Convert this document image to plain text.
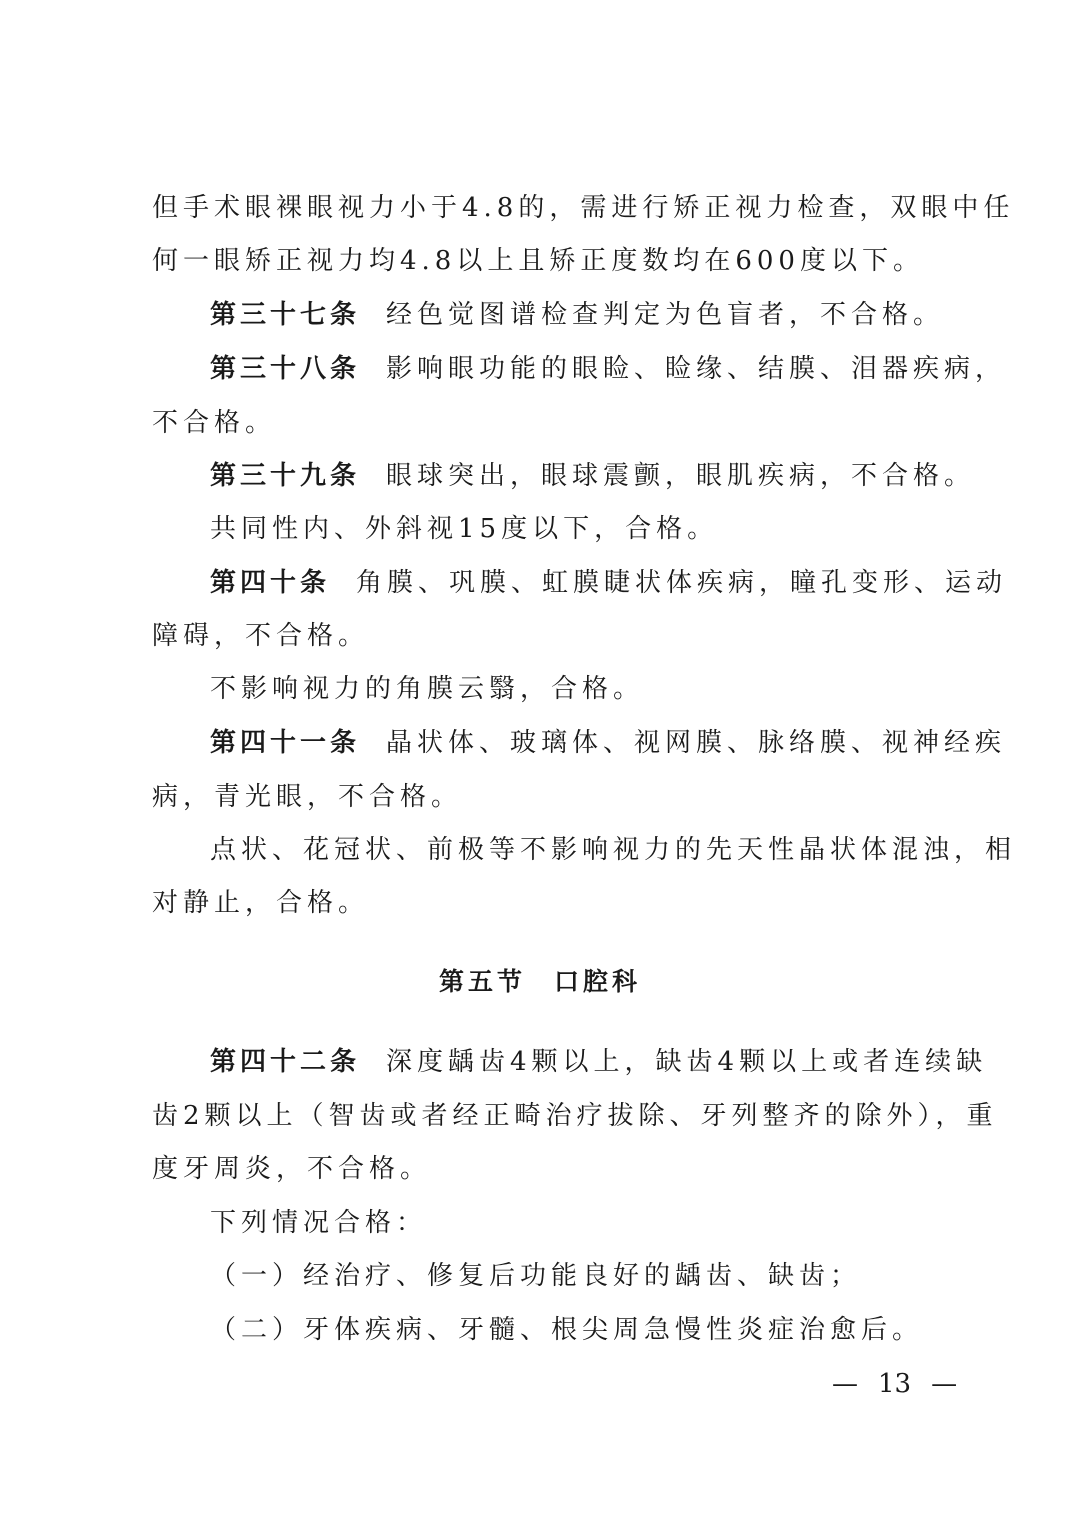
但手术眼裸眼视力小于4.8的，需进行矫正视力检查，双眼中任
何一眼矫正视力均4.8以上且矫正度数均在600度以下。
第三十七条 经色觉图谱检查判定为色盲者，不合格。
第三十八条 影响眼功能的眼睑、睑缘、结膜、泪器疾病，
不合格。
第三十九条 眼球突出，眼球震颤，眼肌疾病，不合格。
共同性内、外斜视15度以下，合格。
第四十条 角膜、巩膜、虹膜睫状体疾病，瞳孔变形、运动
障碍，不合格。
不影响视力的角膜云翳，合格。
第四十一条 晶状体、玻璃体、视网膜、脉络膜、视神经疾
病，青光眼，不合格。
点状、花冠状、前极等不影响视力的先天性晶状体混浊，相
对静止，合格。
第五节 口腔科
第四十二条 深度龋齿4颗以上，缺齿4颗以上或者连续缺
齿2颗以上（智齿或者经正畸治疗拔除、牙列整齐的除外），重
度牙周炎，不合格。
下列情况合格：
（一）经治疗、修复后功能良好的龋齿、缺齿；
（二）牙体疾病、牙髓、根尖周急慢性炎症治愈后。
— 13 —
